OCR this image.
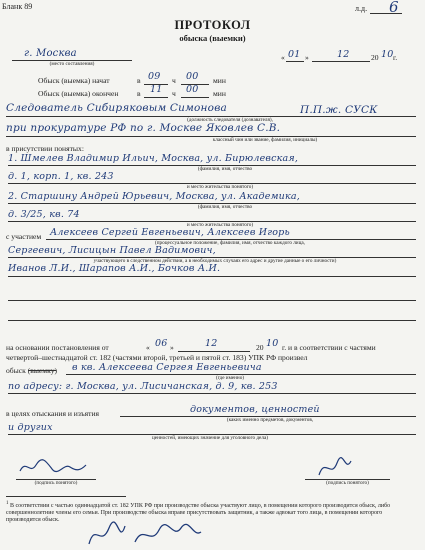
Бланк 89	л.д. 6
ПРОТОКОЛ
обыска (выемки)
г. Москва
(место составления)
« 01 »	12	20 10 г.
Обыск (выемка) начат	в 09 ч 00 мин
Обыск (выемка) окончен в 11 ч 00 мин
Следователь Сибиряковым Симонова	П.П.ж. СУСК
(должность следователя (дознавателя),
при прокуратуре РФ по г. Москве Яковлев С.В.
классный чин или звание, фамилия, инициалы)
в присутствии понятых:
1. Шмелев Владимир Ильич, Москва, ул. Бирюлевская,
(фамилия, имя, отчество
д. 1, корп. 1, кв. 243
и место жительства понятого)
2. Старшину Андрей Юрьевич, Москва, ул. Академика,
(фамилия, имя, отчество
д. 3/25, кв. 74
и место жительства понятого)
с участием Алексеев Сергей Евгеньевич, Алексеев Игорь
(процессуальное положение, фамилия, имя, отчество каждого лица,
Сергеевич, Лисицын Павел Вадимович,
участвующего в следственном действии, а в необходимых случаях его адрес и другие данные о его личности)
Иванов Л.И., Шарапов А.И., Бочков А.И.
на основании постановления от	« 06 »	12	20 10 г. и в соответствии с частями
четвертой–шестнадцатой ст. 182 (частями второй, третьей и пятой ст. 183) УПК РФ произвел
обыск (выемку) в кв. Алексеева Сергея Евгеньевича
(где именно)
по адресу: г. Москва, ул. Лисичанская, д. 9, кв. 253
в целях отыскания и изъятия	документов, ценностей
(каких именно предметов, документов,
и других
ценностей, имеющих значение для уголовного дела)
(подпись понятого)	(подпись понятого)
$^1$ В соответствии с частью одиннадцатой ст. 182 УПК РФ при производстве обыска участвуют лицо, в помещении которого производится обыск, либо совершеннолетние члены его семьи. При производстве обыска вправе присутствовать защитник, а также адвокат того лица, в помещении которого производится обыск.
